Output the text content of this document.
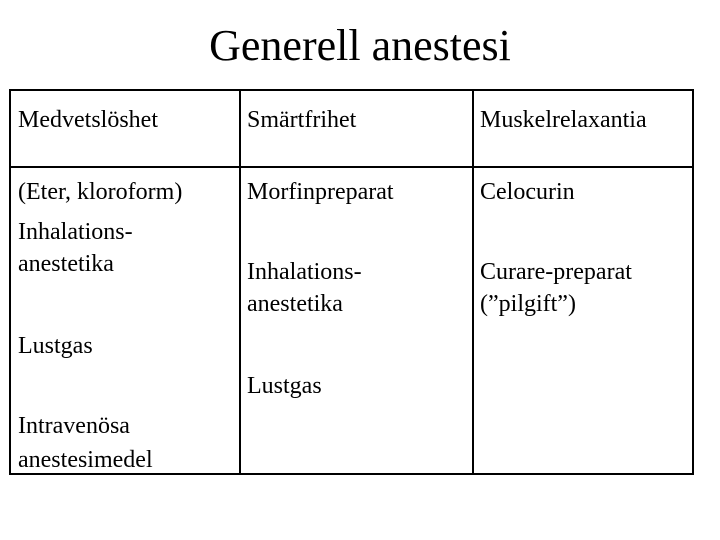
Generell anestesi
Medvetslöshet	Smärtfrihet	Muskelrelaxantia
(Eter, kloroform)
Inhalations-
anestetika
Lustgas
Intravenösa
anestesimedel
Morfinpreparat
Inhalations-
anestetika
Lustgas
Celocurin
Curare-preparat
(”pilgift”)
